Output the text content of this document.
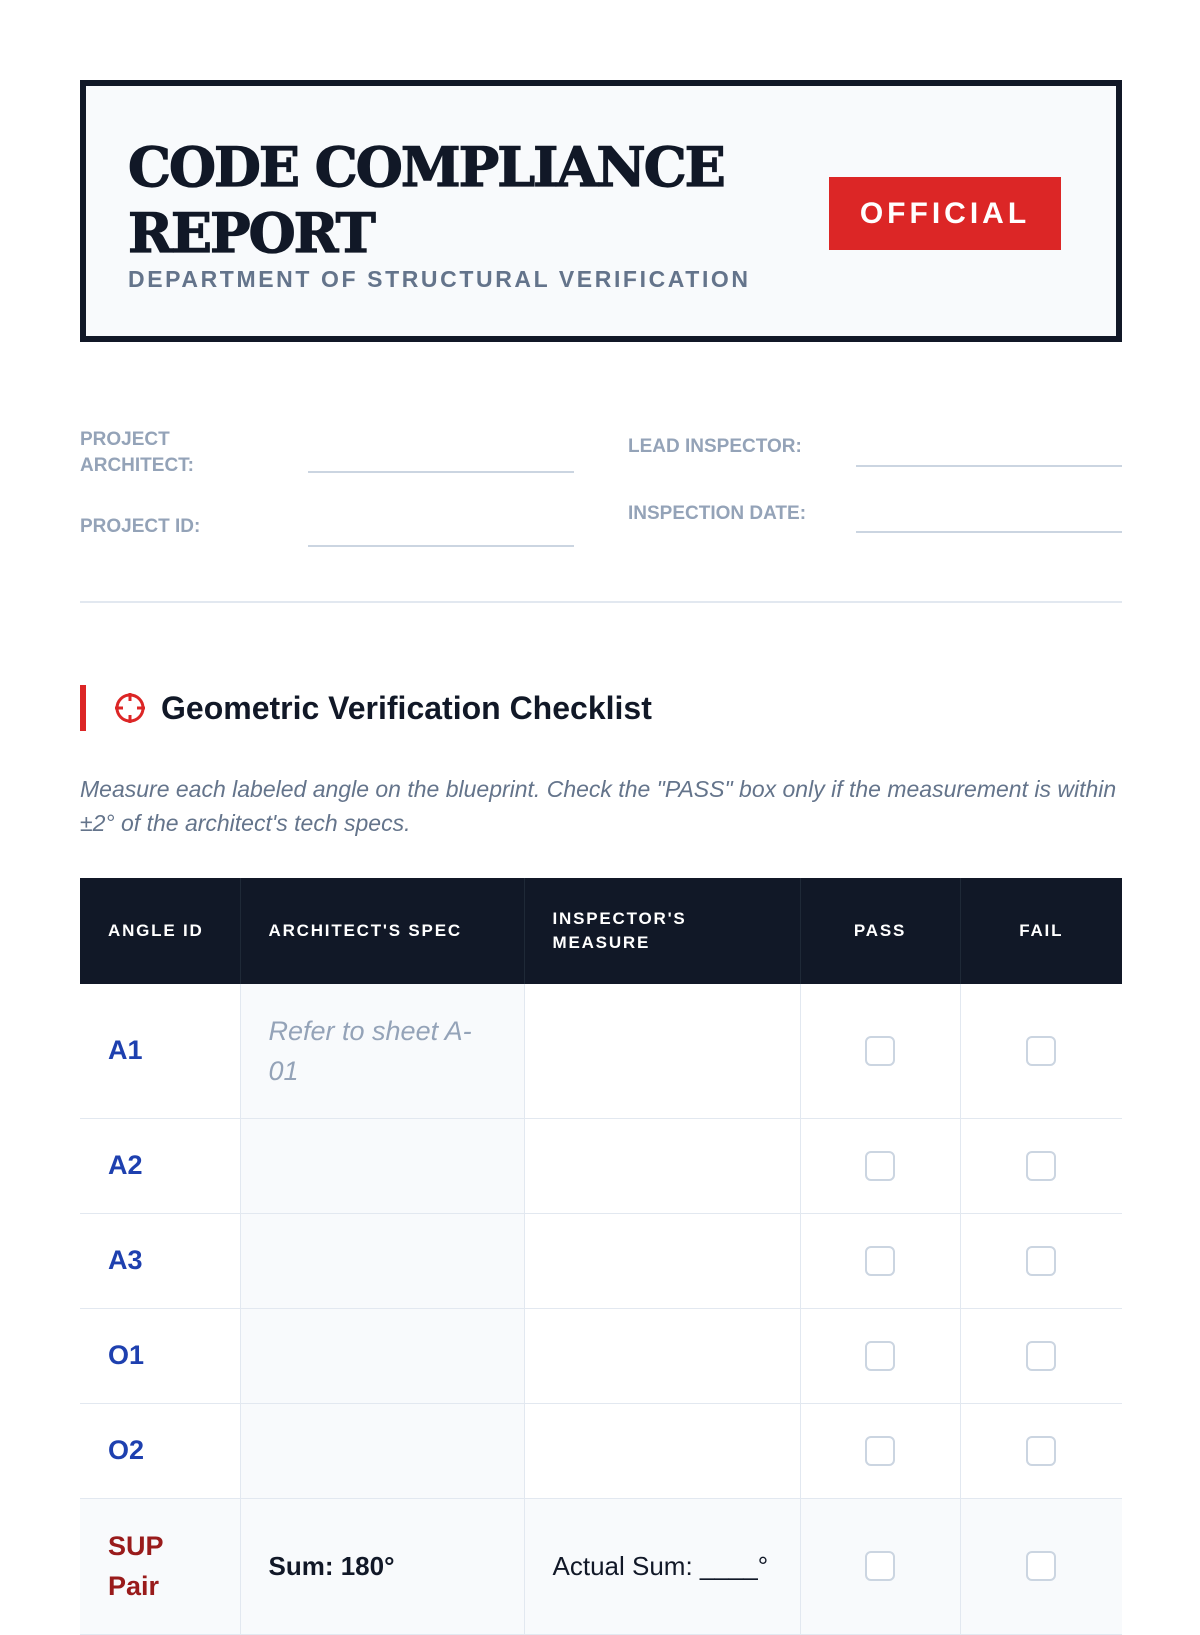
CODE COMPLIANCE REPORT

DEPARTMENT OF STRUCTURAL VERIFICATION

OFFICIAL
PROJECT ARCHITECT:
PROJECT ID:
LEAD INSPECTOR:
INSPECTION DATE:
Geometric Verification Checklist

Measure each labeled angle on the blueprint. Check the "PASS" box only if the measurement is within ±2° of the architect's tech specs.

ANGLE ID	ARCHITECT'S SPEC	INSPECTOR'S MEASURE	PASS	FAIL
A1	Refer to sheet A-01			
A2				
A3				
O1				
O2				

SUP Pair	Sum: 180°	Actual Sum: ____°		
